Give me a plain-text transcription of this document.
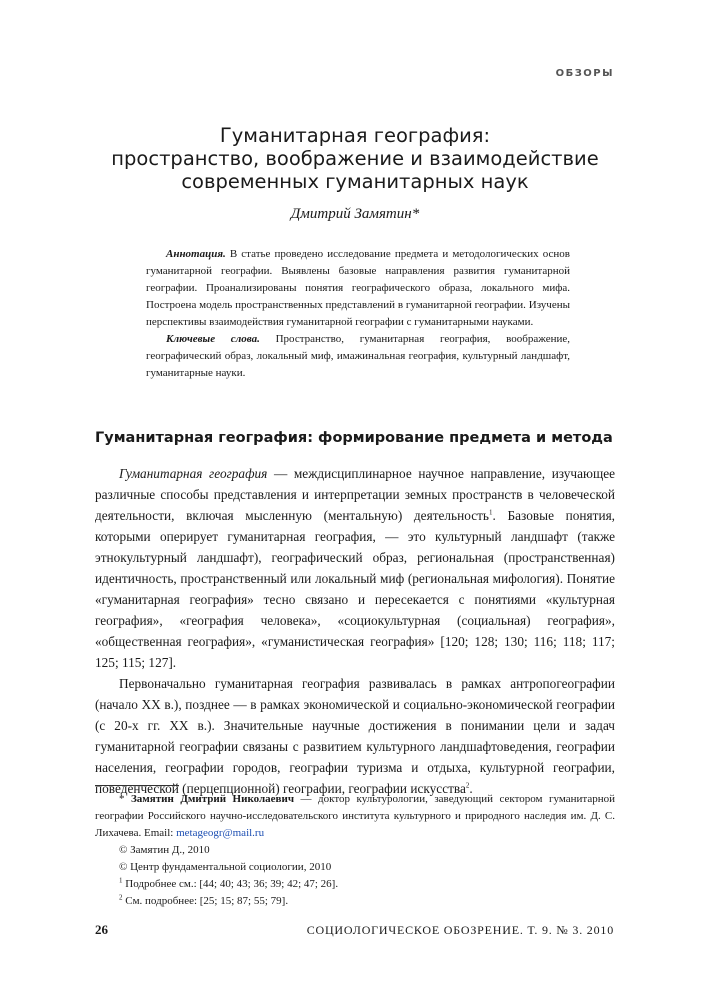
ОБЗОРЫ
Гуманитарная география:
пространство, воображение и взаимодействие
современных гуманитарных наук
Дмитрий Замятин*

Аннотация. В статье проведено исследование предмета и методологических основ гуманитарной географии. Выявлены базовые направления развития гуманитарной географии. Проанализированы понятия географического образа, локального мифа. Построена модель пространственных представлений в гуманитарной географии. Изучены перспективы взаимодействия гуманитарной географии с гуманитарными науками.

Ключевые слова. Пространство, гуманитарная география, воображение, географический образ, локальный миф, имажинальная география, культурный ландшафт, гуманитарные науки.

Гуманитарная география: формирование предмета и метода

Гуманитарная география — междисциплинарное научное направление, изучающее различные способы представления и интерпретации земных пространств в человеческой деятельности, включая мысленную (ментальную) деятельность$^1$. Базовые понятия, которыми оперирует гуманитарная география, — это культурный ландшафт (также этнокультурный ландшафт), географический образ, региональная (пространственная) идентичность, пространственный или локальный миф (региональная мифология). Понятие «гуманитарная география» тесно связано и пересекается с понятиями «культурная география», «география человека», «социокультурная (социальная) география», «общественная география», «гуманистическая география» [120; 128; 130; 116; 118; 117; 125; 115; 127].

Первоначально гуманитарная география развивалась в рамках антропогеографии (начало XX в.), позднее — в рамках экономической и социально-экономической географии (с 20-х гг. XX в.). Значительные научные достижения в понимании цели и задач гуманитарной географии связаны с развитием культурного ландшафтоведения, географии населения, географии городов, географии туризма и отдыха, культурной географии, поведенческой (перцепционной) географии, географии искусства$^2$.

* Замятин Дмитрий Николаевич — доктор культурологии, заведующий сектором гуманитарной географии Российского научно-исследовательского института культурного и природного наследия им. Д. С. Лихачева. Email: metageogr@mail.ru

© Замятин Д., 2010

© Центр фундаментальной социологии, 2010

$^1$ Подробнее см.: [44; 40; 43; 36; 39; 42; 47; 26].

$^2$ См. подробнее: [25; 15; 87; 55; 79].

26	СОЦИОЛОГИЧЕСКОЕ ОБОЗРЕНИЕ. Т. 9. № 3. 2010
